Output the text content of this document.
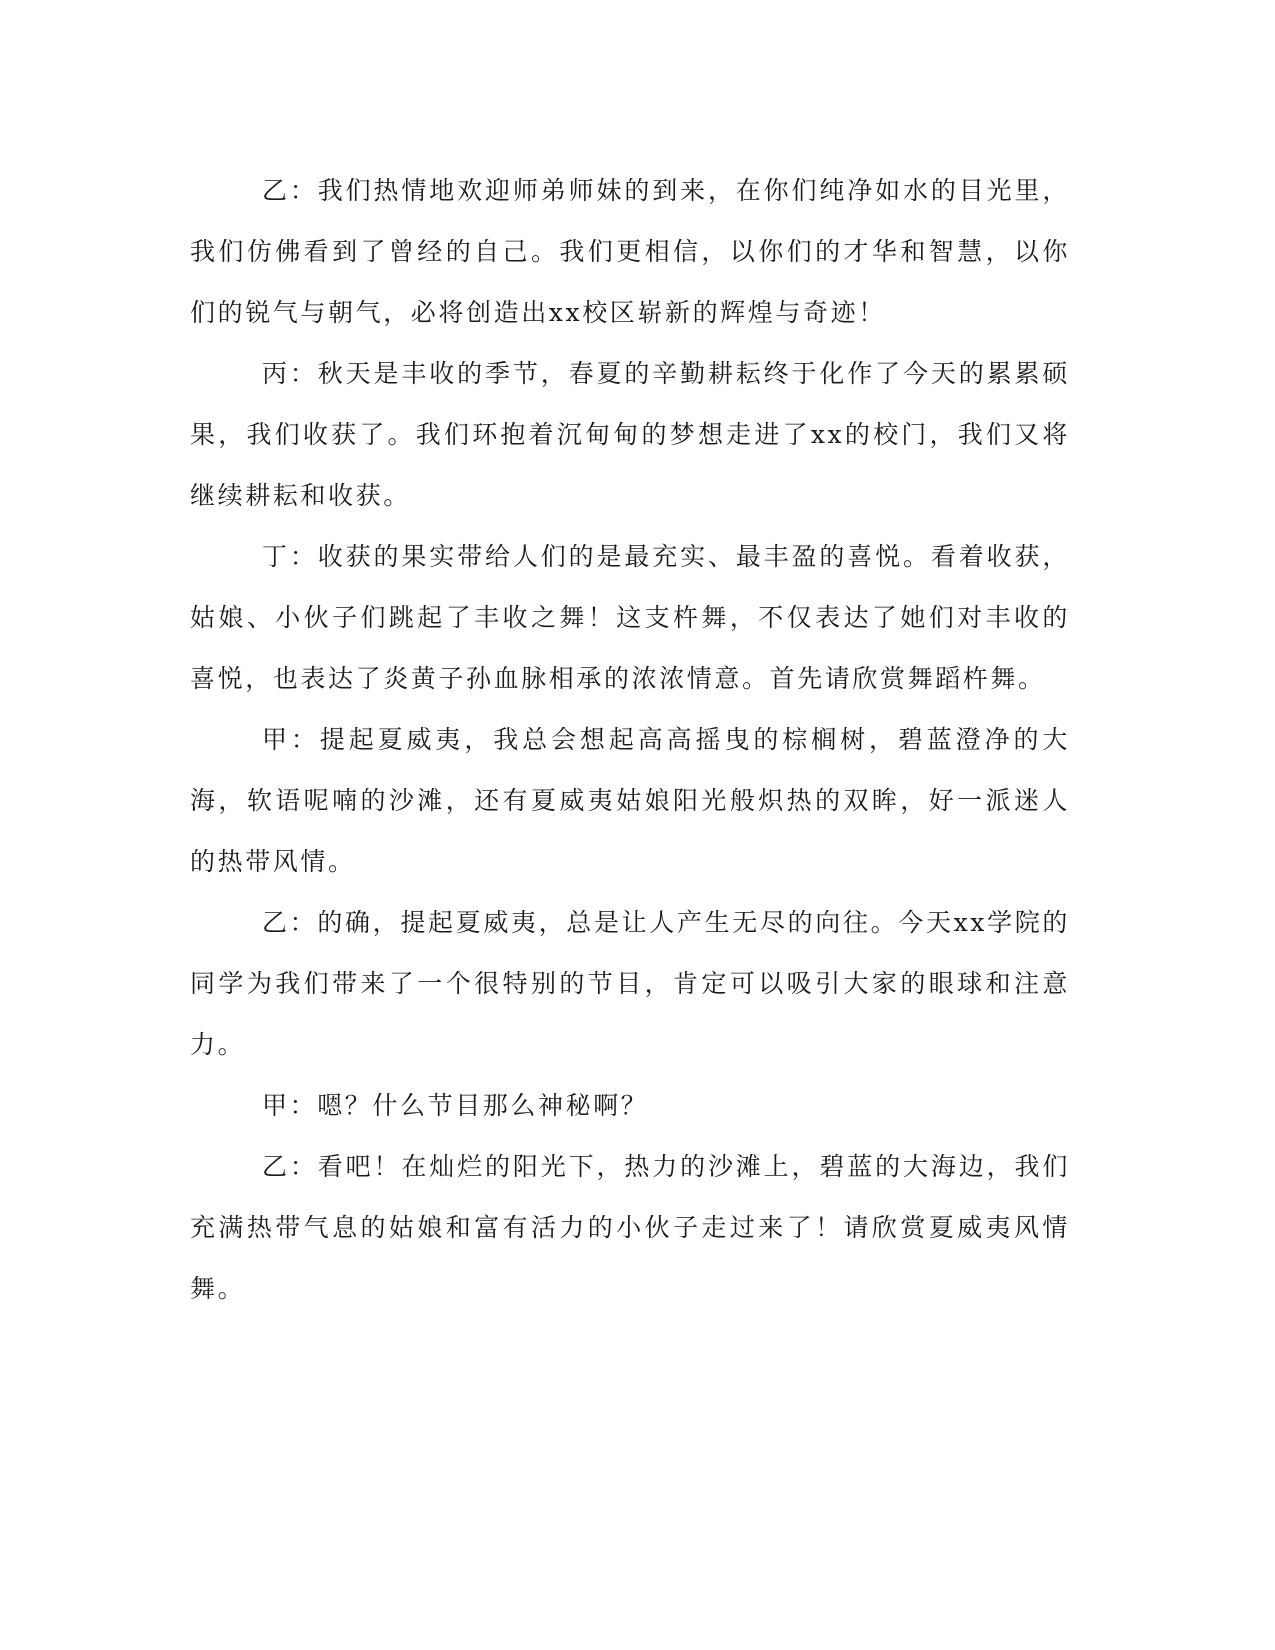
乙：我们热情地欢迎师弟师妹的到来，在你们纯净如水的目光里，我们仿佛看到了曾经的自己。我们更相信，以你们的才华和智慧，以你们的锐气与朝气，必将创造出xx校区崭新的辉煌与奇迹！

丙：秋天是丰收的季节，春夏的辛勤耕耘终于化作了今天的累累硕果，我们收获了。我们环抱着沉甸甸的梦想走进了xx的校门，我们又将继续耕耘和收获。

丁：收获的果实带给人们的是最充实、最丰盈的喜悦。看着收获，姑娘、小伙子们跳起了丰收之舞！这支杵舞，不仅表达了她们对丰收的喜悦，也表达了炎黄子孙血脉相承的浓浓情意。首先请欣赏舞蹈杵舞。

甲：提起夏威夷，我总会想起高高摇曳的棕榈树，碧蓝澄净的大海，软语呢喃的沙滩，还有夏威夷姑娘阳光般炽热的双眸，好一派迷人的热带风情。

乙：的确，提起夏威夷，总是让人产生无尽的向往。今天xx学院的同学为我们带来了一个很特别的节目，肯定可以吸引大家的眼球和注意力。

甲：嗯？什么节目那么神秘啊？

乙：看吧！在灿烂的阳光下，热力的沙滩上，碧蓝的大海边，我们充满热带气息的姑娘和富有活力的小伙子走过来了！请欣赏夏威夷风情舞。
